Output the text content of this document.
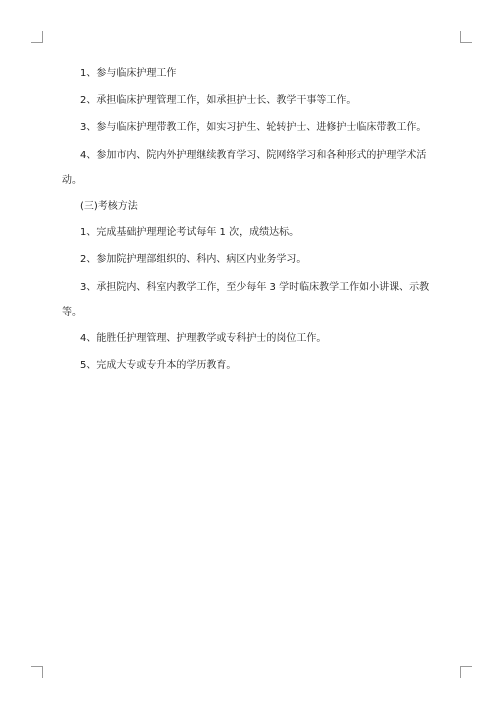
1、参与临床护理工作
2、承担临床护理管理工作，如承担护士长、教学干事等工作。
3、参与临床护理带教工作，如实习护生、轮转护士、进修护士临床带教工作。
4、参加市内、院内外护理继续教育学习、院网络学习和各种形式的护理学术活
动。
(三)考核方法
1、完成基础护理理论考试每年 1 次，成绩达标。
2、参加院护理部组织的、科内、病区内业务学习。
3、承担院内、科室内教学工作，至少每年 3 学时临床教学工作如小讲课、示教
等。
4、能胜任护理管理、护理教学或专科护士的岗位工作。
5、完成大专或专升本的学历教育。
